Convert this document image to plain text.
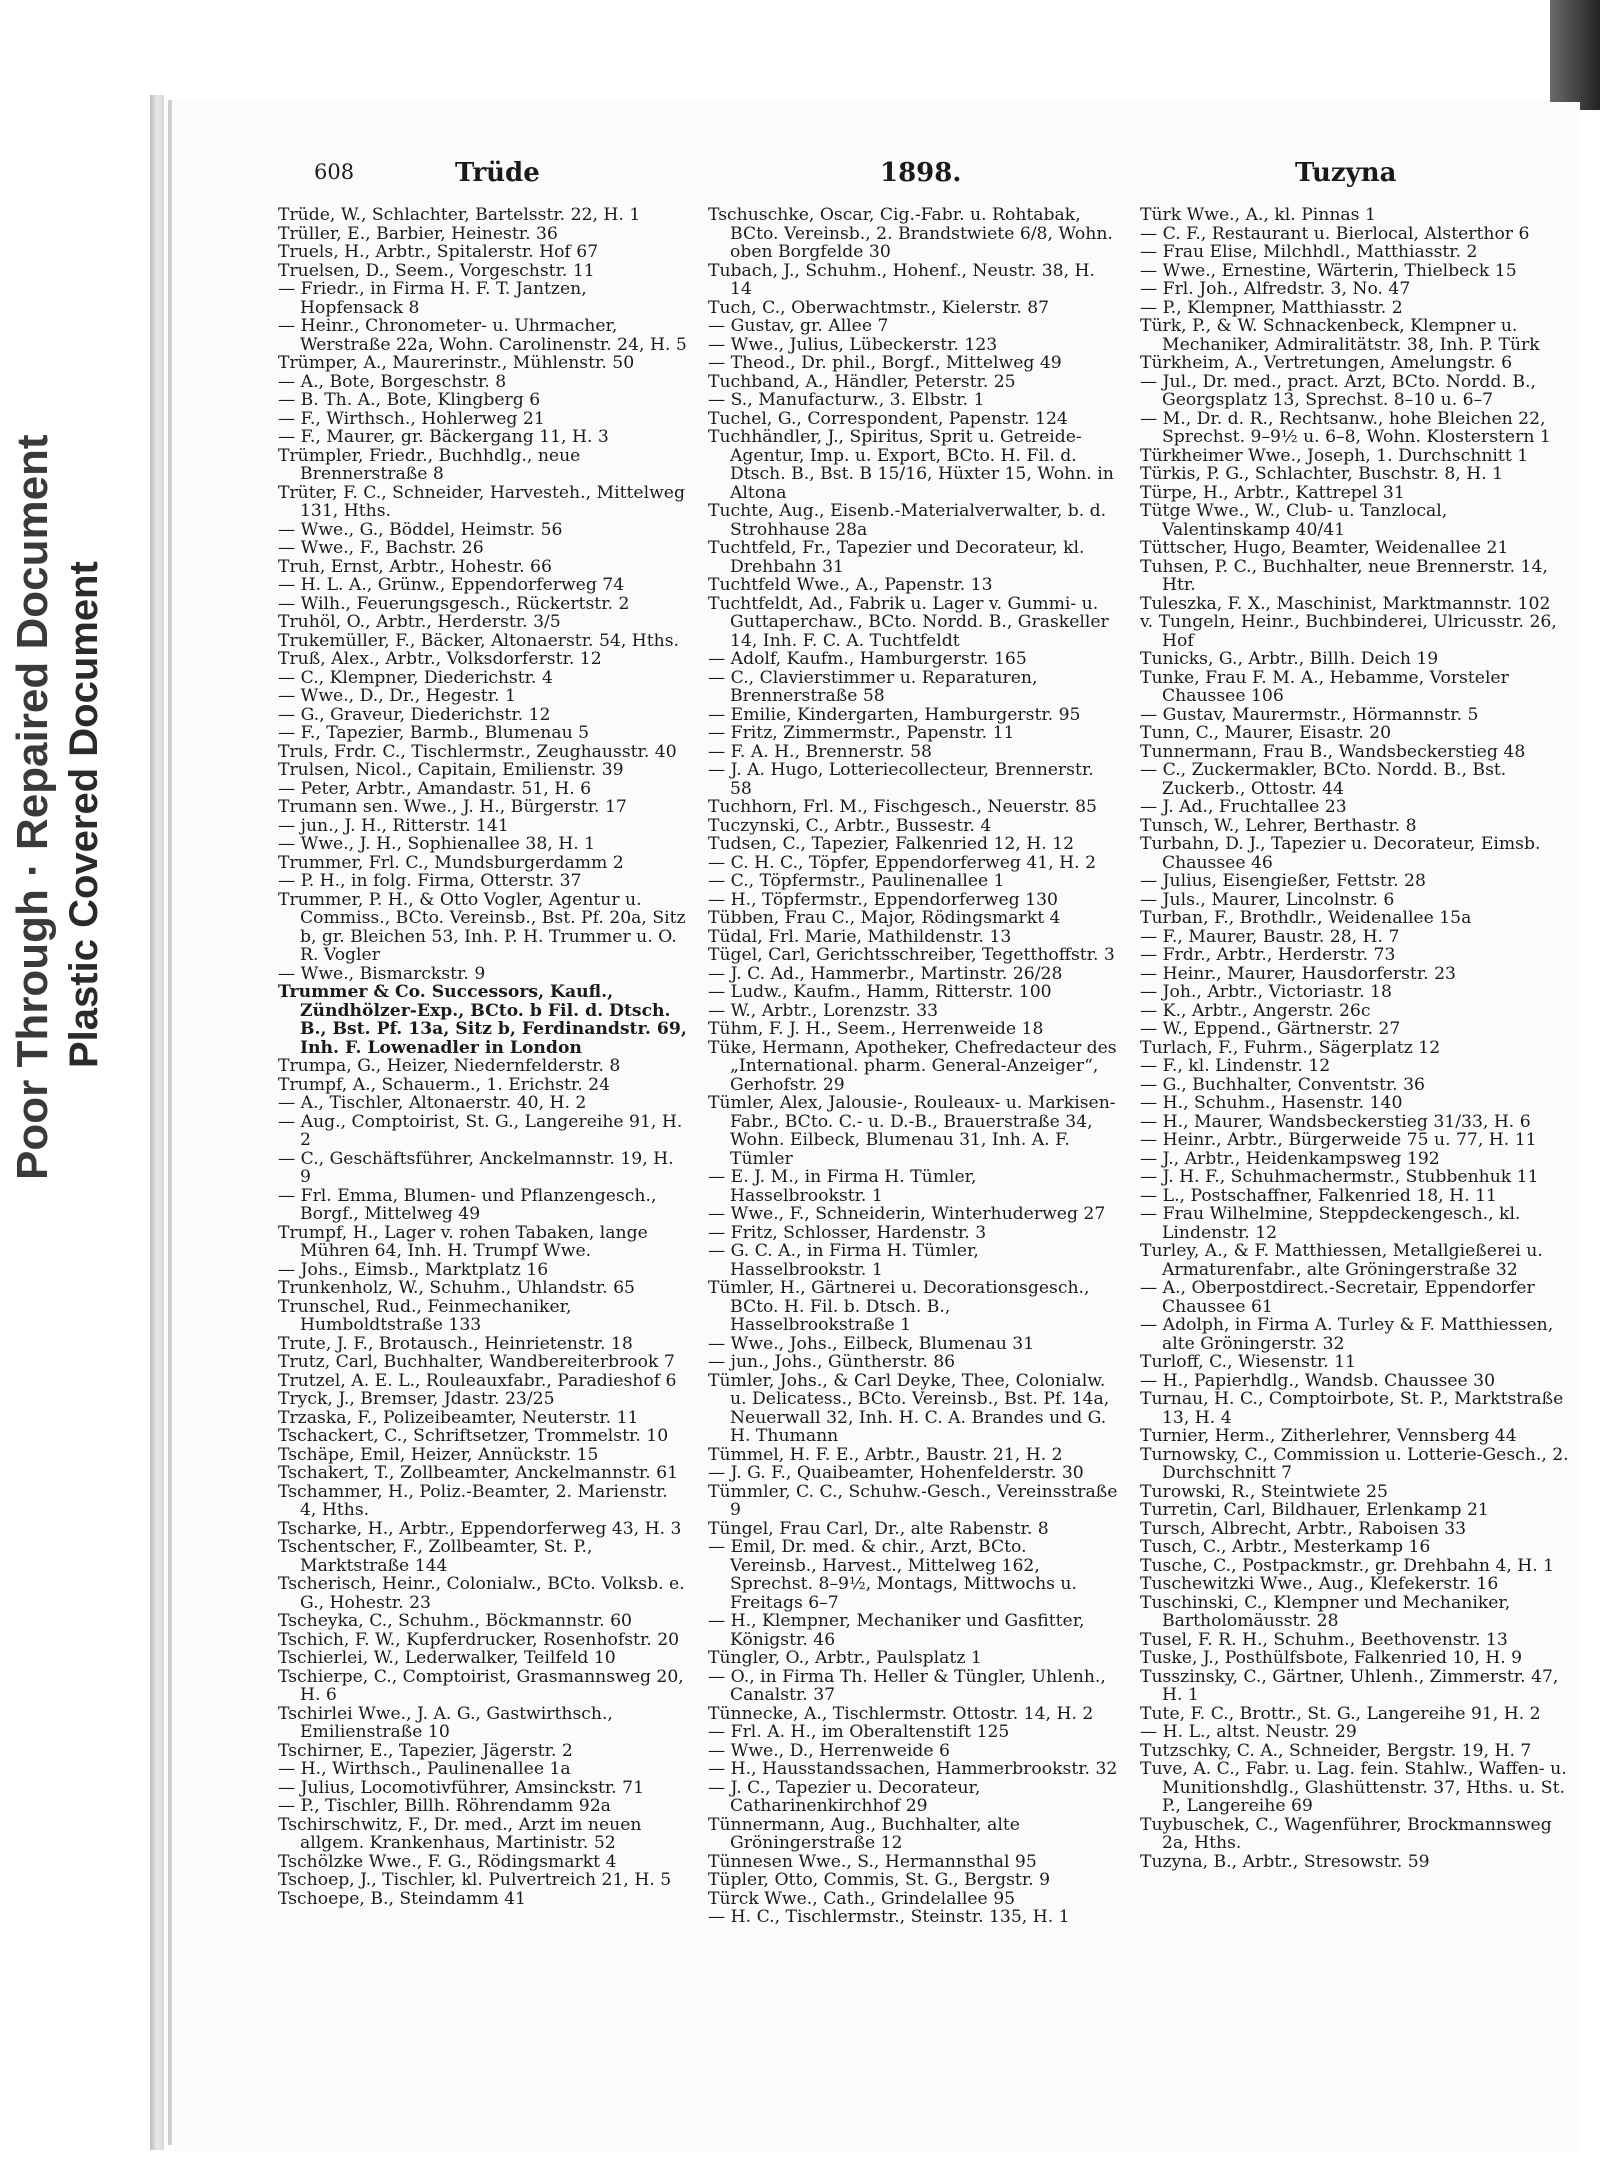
Poor Through · Repaired Document Plastic Covered Document
608	Trüde	1898.	Tuzyna
Trüde, W., Schlachter, Bartelsstr. 22, H. 1
Trüller, E., Barbier, Heinestr. 36
Truels, H., Arbtr., Spitalerstr. Hof 67
Truelsen, D., Seem., Vorgeschstr. 11
— Friedr., in Firma H. F. T. Jantzen, Hopfensack 8
— Heinr., Chronometer- u. Uhrmacher, Werstraße 22a, Wohn. Carolinenstr. 24, H. 5
Trümper, A., Maurerinstr., Mühlenstr. 50
— A., Bote, Borgeschstr. 8
— B. Th. A., Bote, Klingberg 6
— F., Wirthsch., Hohlerweg 21
— F., Maurer, gr. Bäckergang 11, H. 3
Trümpler, Friedr., Buchhdlg., neue Brennerstraße 8
Trüter, F. C., Schneider, Harvesteh., Mittelweg 131, Hths.
— Wwe., G., Böddel, Heimstr. 56
— Wwe., F., Bachstr. 26
Truh, Ernst, Arbtr., Hohestr. 66
— H. L. A., Grünw., Eppendorferweg 74
— Wilh., Feuerungsgesch., Rückertstr. 2
Truhöl, O., Arbtr., Herderstr. 3/5
Trukemüller, F., Bäcker, Altonaerstr. 54, Hths.
Truß, Alex., Arbtr., Volksdorferstr. 12
— C., Klempner, Diederichstr. 4
— Wwe., D., Dr., Hegestr. 1
— G., Graveur, Diederichstr. 12
— F., Tapezier, Barmb., Blumenau 5
Truls, Frdr. C., Tischlermstr., Zeughausstr. 40
Trulsen, Nicol., Capitain, Emilienstr. 39
— Peter, Arbtr., Amandastr. 51, H. 6
Trumann sen. Wwe., J. H., Bürgerstr. 17
— jun., J. H., Ritterstr. 141
— Wwe., J. H., Sophienallee 38, H. 1
Trummer, Frl. C., Mundsburgerdamm 2
— P. H., in folg. Firma, Otterstr. 37
Trummer, P. H., & Otto Vogler, Agentur u. Commiss., BCto. Vereinsb., Bst. Pf. 20a, Sitz b, gr. Bleichen 53, Inh. P. H. Trummer u. O. R. Vogler
— Wwe., Bismarckstr. 9
Trummer & Co. Successors, Kaufl., Zündhölzer-Exp., BCto. b Fil. d. Dtsch. B., Bst. Pf. 13a, Sitz b, Ferdinandstr. 69, Inh. F. Lowenadler in London
Trumpa, G., Heizer, Niedernfelderstr. 8
Trumpf, A., Schauerm., 1. Erichstr. 24
— A., Tischler, Altonaerstr. 40, H. 2
— Aug., Comptoirist, St. G., Langereihe 91, H. 2
— C., Geschäftsführer, Anckelmannstr. 19, H. 9
— Frl. Emma, Blumen- und Pflanzengesch., Borgf., Mittelweg 49
Trumpf, H., Lager v. rohen Tabaken, lange Mühren 64, Inh. H. Trumpf Wwe.
— Johs., Eimsb., Marktplatz 16
Trunkenholz, W., Schuhm., Uhlandstr. 65
Trunschel, Rud., Feinmechaniker, Humboldtstraße 133
Trute, J. F., Brotausch., Heinrietenstr. 18
Trutz, Carl, Buchhalter, Wandbereiterbrook 7
Trutzel, A. E. L., Rouleauxfabr., Paradieshof 6
Tryck, J., Bremser, Jdastr. 23/25
Trzaska, F., Polizeibeamter, Neuterstr. 11
Tschackert, C., Schriftsetzer, Trommelstr. 10
Tschäpe, Emil, Heizer, Annückstr. 15
Tschakert, T., Zollbeamter, Anckelmannstr. 61
Tschammer, H., Poliz.-Beamter, 2. Marienstr. 4, Hths.
Tscharke, H., Arbtr., Eppendorferweg 43, H. 3
Tschentscher, F., Zollbeamter, St. P., Marktstraße 144
Tscherisch, Heinr., Colonialw., BCto. Volksb. e. G., Hohestr. 23
Tscheyka, C., Schuhm., Böckmannstr. 60
Tschich, F. W., Kupferdrucker, Rosenhofstr. 20
Tschierlei, W., Lederwalker, Teilfeld 10
Tschierpe, C., Comptoirist, Grasmannsweg 20, H. 6
Tschirlei Wwe., J. A. G., Gastwirthsch., Emilienstraße 10
Tschirner, E., Tapezier, Jägerstr. 2
— H., Wirthsch., Paulinenallee 1a
— Julius, Locomotivführer, Amsinckstr. 71
— P., Tischler, Billh. Röhrendamm 92a
Tschirschwitz, F., Dr. med., Arzt im neuen allgem. Krankenhaus, Martinistr. 52
Tschölzke Wwe., F. G., Rödingsmarkt 4
Tschoep, J., Tischler, kl. Pulvertreich 21, H. 5
Tschoepe, B., Steindamm 41
Tschuschke, Oscar, Cig.-Fabr. u. Rohtabak, BCto. Vereinsb., 2. Brandstwiete 6/8, Wohn. oben Borgfelde 30
Tubach, J., Schuhm., Hohenf., Neustr. 38, H. 14
Tuch, C., Oberwachtmstr., Kielerstr. 87
— Gustav, gr. Allee 7
— Wwe., Julius, Lübeckerstr. 123
— Theod., Dr. phil., Borgf., Mittelweg 49
Tuchband, A., Händler, Peterstr. 25
— S., Manufacturw., 3. Elbstr. 1
Tuchel, G., Correspondent, Papenstr. 124
Tuchhändler, J., Spiritus, Sprit u. Getreide-Agentur, Imp. u. Export, BCto. H. Fil. d. Dtsch. B., Bst. B 15/16, Hüxter 15, Wohn. in Altona
Tuchte, Aug., Eisenb.-Materialverwalter, b. d. Strohhause 28a
Tuchtfeld, Fr., Tapezier und Decorateur, kl. Drehbahn 31
Tuchtfeld Wwe., A., Papenstr. 13
Tuchtfeldt, Ad., Fabrik u. Lager v. Gummi- u. Guttaperchaw., BCto. Nordd. B., Graskeller 14, Inh. F. C. A. Tuchtfeldt
— Adolf, Kaufm., Hamburgerstr. 165
— C., Clavierstimmer u. Reparaturen, Brennerstraße 58
— Emilie, Kindergarten, Hamburgerstr. 95
— Fritz, Zimmermstr., Papenstr. 11
— F. A. H., Brennerstr. 58
— J. A. Hugo, Lotteriecollecteur, Brennerstr. 58
Tuchhorn, Frl. M., Fischgesch., Neuerstr. 85
Tuczynski, C., Arbtr., Bussestr. 4
Tudsen, C., Tapezier, Falkenried 12, H. 12
— C. H. C., Töpfer, Eppendorferweg 41, H. 2
— C., Töpfermstr., Paulinenallee 1
— H., Töpfermstr., Eppendorferweg 130
Tübben, Frau C., Major, Rödingsmarkt 4
Tüdal, Frl. Marie, Mathildenstr. 13
Tügel, Carl, Gerichtsschreiber, Tegetthoffstr. 3
— J. C. Ad., Hammerbr., Martinstr. 26/28
— Ludw., Kaufm., Hamm, Ritterstr. 100
— W., Arbtr., Lorenzstr. 33
Tühm, F. J. H., Seem., Herrenweide 18
Tüke, Hermann, Apotheker, Chefredacteur des „International. pharm. General-Anzeiger“, Gerhofstr. 29
Tümler, Alex, Jalousie-, Rouleaux- u. Markisen-Fabr., BCto. C.- u. D.-B., Brauerstraße 34, Wohn. Eilbeck, Blumenau 31, Inh. A. F. Tümler
— E. J. M., in Firma H. Tümler, Hasselbrookstr. 1
— Wwe., F., Schneiderin, Winterhuderweg 27
— Fritz, Schlosser, Hardenstr. 3
— G. C. A., in Firma H. Tümler, Hasselbrookstr. 1
Tümler, H., Gärtnerei u. Decorationsgesch., BCto. H. Fil. b. Dtsch. B., Hasselbrookstraße 1
— Wwe., Johs., Eilbeck, Blumenau 31
— jun., Johs., Güntherstr. 86
Tümler, Johs., & Carl Deyke, Thee, Colonialw. u. Delicatess., BCto. Vereinsb., Bst. Pf. 14a, Neuerwall 32, Inh. H. C. A. Brandes und G. H. Thumann
Tümmel, H. F. E., Arbtr., Baustr. 21, H. 2
— J. G. F., Quaibeamter, Hohenfelderstr. 30
Tümmler, C. C., Schuhw.-Gesch., Vereinsstraße 9
Tüngel, Frau Carl, Dr., alte Rabenstr. 8
— Emil, Dr. med. & chir., Arzt, BCto. Vereinsb., Harvest., Mittelweg 162, Sprechst. 8–9½, Montags, Mittwochs u. Freitags 6–7
— H., Klempner, Mechaniker und Gasfitter, Königstr. 46
Tüngler, O., Arbtr., Paulsplatz 1
— O., in Firma Th. Heller & Tüngler, Uhlenh., Canalstr. 37
Tünnecke, A., Tischlermstr. Ottostr. 14, H. 2
— Frl. A. H., im Oberaltenstift 125
— Wwe., D., Herrenweide 6
— H., Hausstandssachen, Hammerbrookstr. 32
— J. C., Tapezier u. Decorateur, Catharinenkirchhof 29
Tünnermann, Aug., Buchhalter, alte Gröningerstraße 12
Tünnesen Wwe., S., Hermannsthal 95
Tüpler, Otto, Commis, St. G., Bergstr. 9
Türck Wwe., Cath., Grindelallee 95
— H. C., Tischlermstr., Steinstr. 135, H. 1
Türk Wwe., A., kl. Pinnas 1
— C. F., Restaurant u. Bierlocal, Alsterthor 6
— Frau Elise, Milchhdl., Matthiasstr. 2
— Wwe., Ernestine, Wärterin, Thielbeck 15
— Frl. Joh., Alfredstr. 3, No. 47
— P., Klempner, Matthiasstr. 2
Türk, P., & W. Schnackenbeck, Klempner u. Mechaniker, Admiralitätstr. 38, Inh. P. Türk
Türkheim, A., Vertretungen, Amelungstr. 6
— Jul., Dr. med., pract. Arzt, BCto. Nordd. B., Georgsplatz 13, Sprechst. 8–10 u. 6–7
— M., Dr. d. R., Rechtsanw., hohe Bleichen 22, Sprechst. 9–9½ u. 6–8, Wohn. Klosterstern 1
Türkheimer Wwe., Joseph, 1. Durchschnitt 1
Türkis, P. G., Schlachter, Buschstr. 8, H. 1
Türpe, H., Arbtr., Kattrepel 31
Tütge Wwe., W., Club- u. Tanzlocal, Valentinskamp 40/41
Tüttscher, Hugo, Beamter, Weidenallee 21
Tuhsen, P. C., Buchhalter, neue Brennerstr. 14, Htr.
Tuleszka, F. X., Maschinist, Marktmannstr. 102
v. Tungeln, Heinr., Buchbinderei, Ulricusstr. 26, Hof
Tunicks, G., Arbtr., Billh. Deich 19
Tunke, Frau F. M. A., Hebamme, Vorsteler Chaussee 106
— Gustav, Maurermstr., Hörmannstr. 5
Tunn, C., Maurer, Eisastr. 20
Tunnermann, Frau B., Wandsbeckerstieg 48
— C., Zuckermakler, BCto. Nordd. B., Bst. Zuckerb., Ottostr. 44
— J. Ad., Fruchtallee 23
Tunsch, W., Lehrer, Berthastr. 8
Turbahn, D. J., Tapezier u. Decorateur, Eimsb. Chaussee 46
— Julius, Eisengießer, Fettstr. 28
— Juls., Maurer, Lincolnstr. 6
Turban, F., Brothdlr., Weidenallee 15a
— F., Maurer, Baustr. 28, H. 7
— Frdr., Arbtr., Herderstr. 73
— Heinr., Maurer, Hausdorferstr. 23
— Joh., Arbtr., Victoriastr. 18
— K., Arbtr., Angerstr. 26c
— W., Eppend., Gärtnerstr. 27
Turlach, F., Fuhrm., Sägerplatz 12
— F., kl. Lindenstr. 12
— G., Buchhalter, Conventstr. 36
— H., Schuhm., Hasenstr. 140
— H., Maurer, Wandsbeckerstieg 31/33, H. 6
— Heinr., Arbtr., Bürgerweide 75 u. 77, H. 11
— J., Arbtr., Heidenkampsweg 192
— J. H. F., Schuhmachermstr., Stubbenhuk 11
— L., Postschaffner, Falkenried 18, H. 11
— Frau Wilhelmine, Steppdeckengesch., kl. Lindenstr. 12
Turley, A., & F. Matthiessen, Metallgießerei u. Armaturenfabr., alte Gröningerstraße 32
— A., Oberpostdirect.-Secretair, Eppendorfer Chaussee 61
— Adolph, in Firma A. Turley & F. Matthiessen, alte Gröningerstr. 32
Turloff, C., Wiesenstr. 11
— H., Papierhdlg., Wandsb. Chaussee 30
Turnau, H. C., Comptoirbote, St. P., Marktstraße 13, H. 4
Turnier, Herm., Zitherlehrer, Vennsberg 44
Turnowsky, C., Commission u. Lotterie-Gesch., 2. Durchschnitt 7
Turowski, R., Steintwiete 25
Turretin, Carl, Bildhauer, Erlenkamp 21
Tursch, Albrecht, Arbtr., Raboisen 33
Tusch, C., Arbtr., Mesterkamp 16
Tusche, C., Postpackmstr., gr. Drehbahn 4, H. 1
Tuschewitzki Wwe., Aug., Klefekerstr. 16
Tuschinski, C., Klempner und Mechaniker, Bartholomäusstr. 28
Tusel, F. R. H., Schuhm., Beethovenstr. 13
Tuske, J., Posthülfsbote, Falkenried 10, H. 9
Tusszinsky, C., Gärtner, Uhlenh., Zimmerstr. 47, H. 1
Tute, F. C., Brottr., St. G., Langereihe 91, H. 2
— H. L., altst. Neustr. 29
Tutzschky, C. A., Schneider, Bergstr. 19, H. 7
Tuve, A. C., Fabr. u. Lag. fein. Stahlw., Waffen- u. Munitionshdlg., Glashüttenstr. 37, Hths. u. St. P., Langereihe 69
Tuybuschek, C., Wagenführer, Brockmannsweg 2a, Hths.
Tuzyna, B., Arbtr., Stresowstr. 59
